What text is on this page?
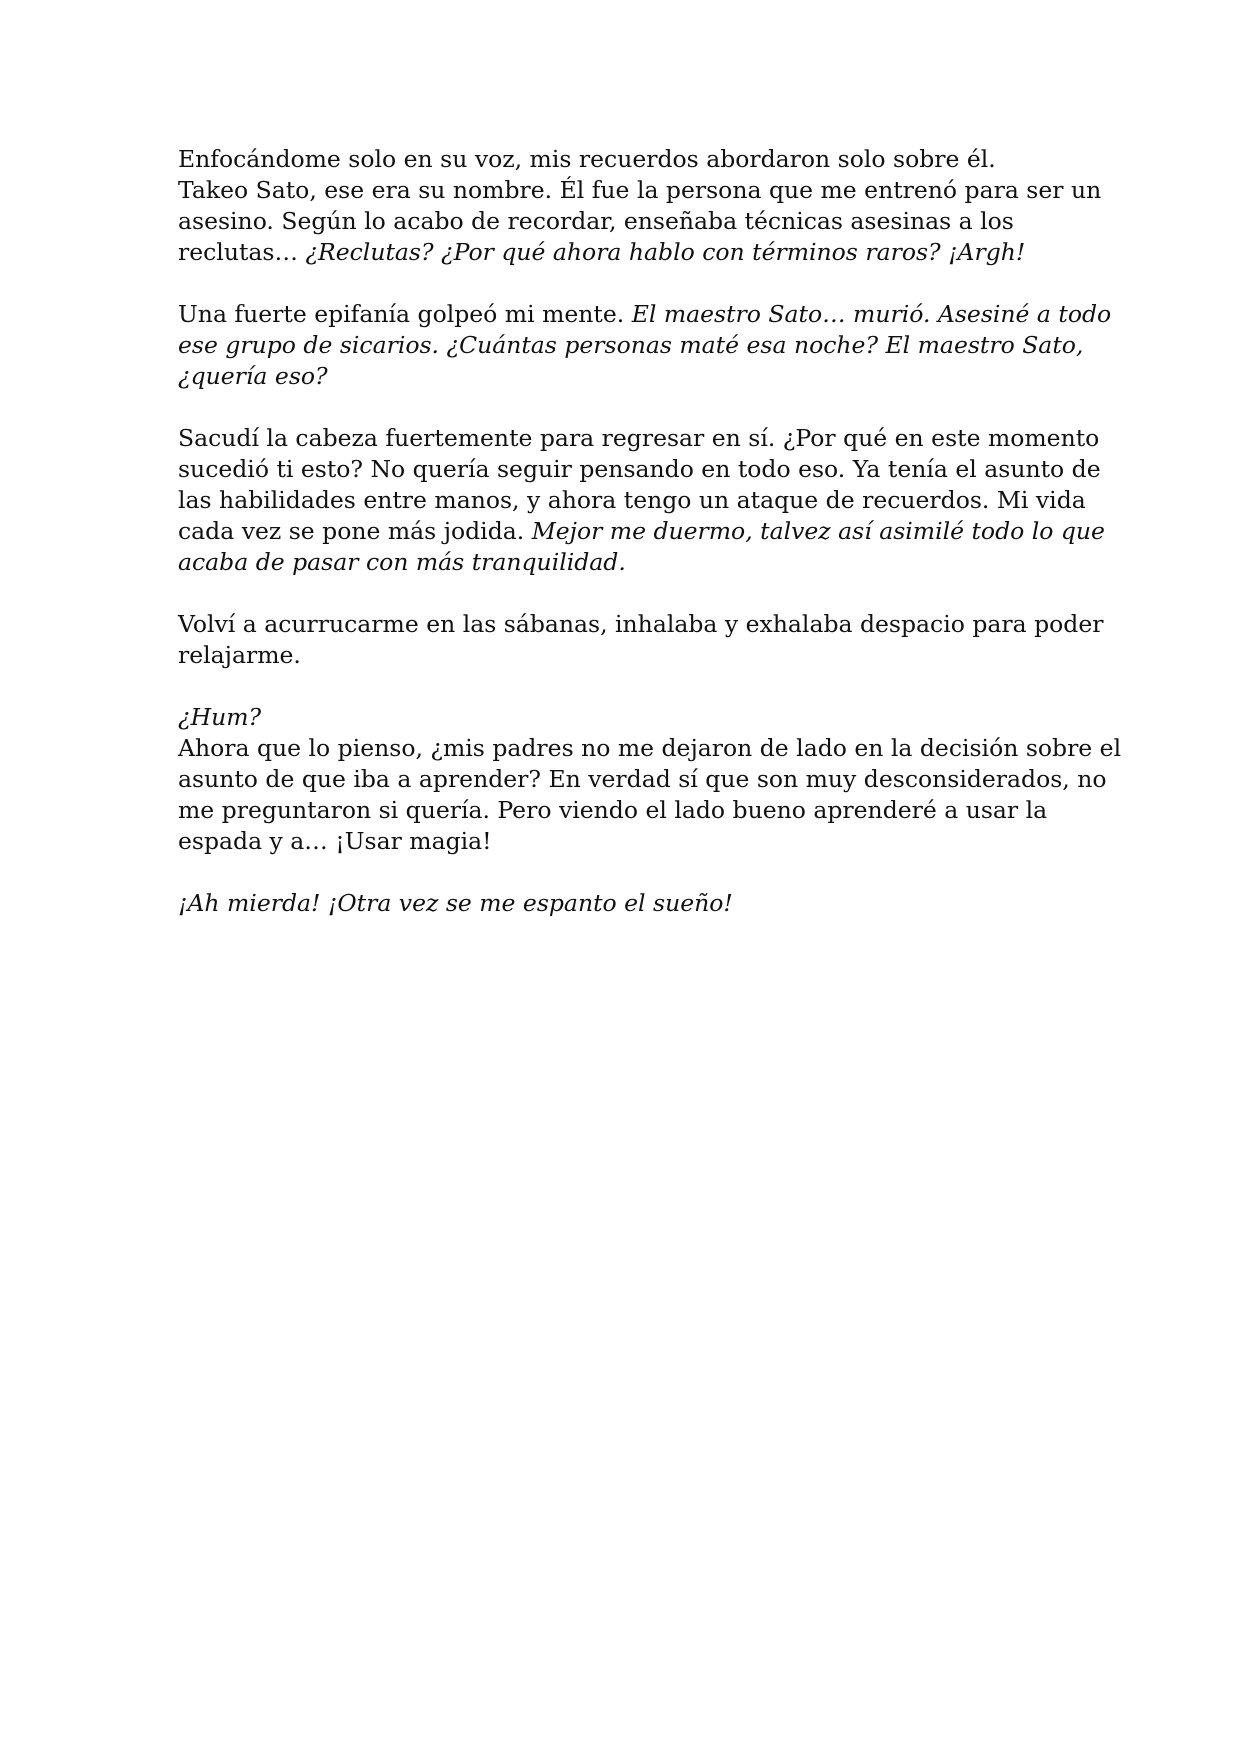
Enfocándome solo en su voz, mis recuerdos abordaron solo sobre él.
Takeo Sato, ese era su nombre. Él fue la persona que me entrenó para ser un
asesino. Según lo acabo de recordar, enseñaba técnicas asesinas a los
reclutas… ¿Reclutas? ¿Por qué ahora hablo con términos raros? ¡Argh!

Una fuerte epifanía golpeó mi mente. El maestro Sato… murió. Asesiné a todo
ese grupo de sicarios. ¿Cuántas personas maté esa noche? El maestro Sato,
¿quería eso?

Sacudí la cabeza fuertemente para regresar en sí. ¿Por qué en este momento
sucedió ti esto? No quería seguir pensando en todo eso. Ya tenía el asunto de
las habilidades entre manos, y ahora tengo un ataque de recuerdos. Mi vida
cada vez se pone más jodida. Mejor me duermo, talvez así asimilé todo lo que
acaba de pasar con más tranquilidad.

Volví a acurrucarme en las sábanas, inhalaba y exhalaba despacio para poder
relajarme.

¿Hum?
Ahora que lo pienso, ¿mis padres no me dejaron de lado en la decisión sobre el
asunto de que iba a aprender? En verdad sí que son muy desconsiderados, no
me preguntaron si quería. Pero viendo el lado bueno aprenderé a usar la
espada y a… ¡Usar magia!

¡Ah mierda! ¡Otra vez se me espanto el sueño!
